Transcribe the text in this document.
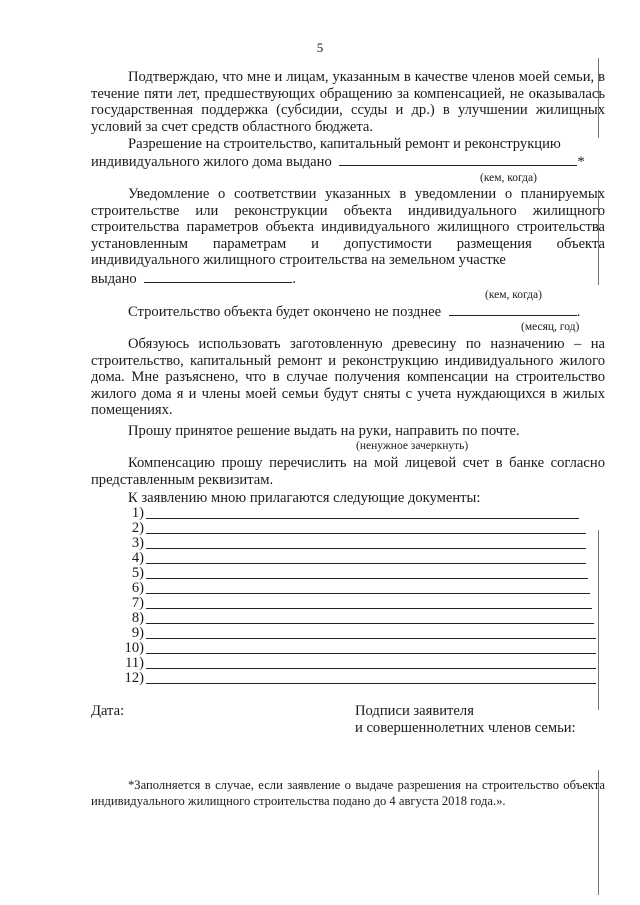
5
Подтверждаю, что мне и лицам, указанным в качестве членов моей семьи, в течение пяти лет, предшествующих обращению за компенсацией, не оказывалась государственная поддержка (субсидии, ссуды и др.) в улучшении жилищных условий за счет средств областного бюджета.
Разрешение на строительство, капитальный ремонт и реконструкцию
индивидуального жилого дома выдано	*
(кем, когда)
Уведомление о соответствии указанных в уведомлении о планируемых строительстве или реконструкции объекта индивидуального жилищного строительства параметров объекта индивидуального жилищного строительства установленным параметрам и допустимости размещения объекта индивидуального жилищного строительства на земельном участке
выдано	.
(кем, когда)
Строительство объекта будет окончено не позднее	.
(месяц, год)
Обязуюсь использовать заготовленную древесину по назначению – на строительство, капитальный ремонт и реконструкцию индивидуального жилого дома. Мне разъяснено, что в случае получения компенсации на строительство жилого дома я и члены моей семьи будут сняты с учета нуждающихся в жилых помещениях.
Прошу принятое решение выдать на руки, направить по почте.
(ненужное зачеркнуть)
Компенсацию прошу перечислить на мой лицевой счет в банке согласно представленным реквизитам.
К заявлению мною прилагаются следующие документы:
1)
2)
3)
4)
5)
6)
7)
8)
9)
10)
11)
12)
Дата:	Подписи заявителя
и совершеннолетних членов семьи:
*Заполняется в случае, если заявление о выдаче разрешения на строительство объекта индивидуального жилищного строительства подано до 4 августа 2018 года.».
